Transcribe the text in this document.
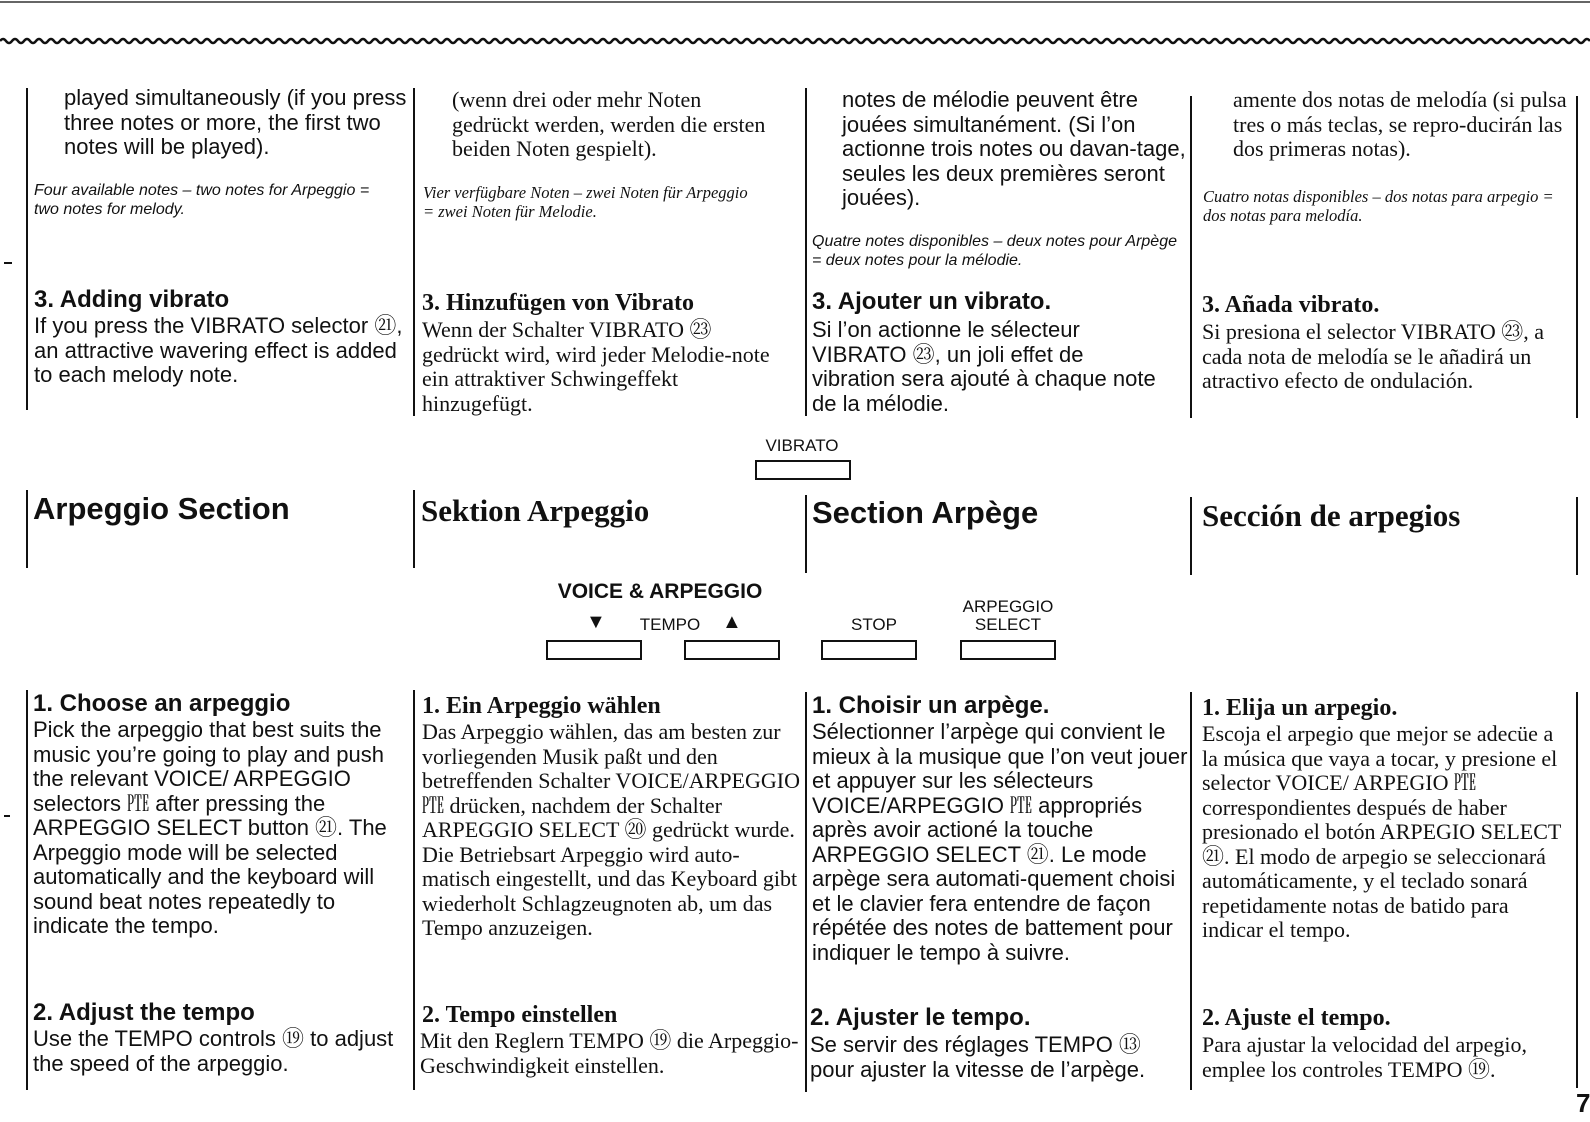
played simultaneously (if you press three notes or more, the first two notes will be played).

Four available notes – two notes for Arpeggio = two notes for melody.

3. Adding vibrato

If you press the VIBRATO selector ㉑, an attractive wavering effect is added to each melody note.

Arpeggio Section

1. Choose an arpeggio

Pick the arpeggio that best suits the music you’re going to play and push the relevant VOICE/ ARPEGGIO selectors ㉐ after pressing the ARPEGGIO SELECT button ㉑. The Arpeggio mode will be selected automatically and the keyboard will sound beat notes repeatedly to indicate the tempo.

2. Adjust the tempo

Use the TEMPO controls ⑲ to adjust the speed of the arpeggio.

(wenn drei oder mehr Noten gedrückt werden, werden die ersten beiden Noten gespielt).

Vier verfügbare Noten – zwei Noten für Arpeggio = zwei Noten für Melodie.

3. Hinzufügen von Vibrato

Wenn der Schalter VIBRATO ㉓ gedrückt wird, wird jeder Melodie-note ein attraktiver Schwingeffekt hinzugefügt.

Sektion Arpeggio

1. Ein Arpeggio wählen

Das Arpeggio wählen, das am besten zur vorliegenden Musik paßt und den betreffenden Schalter VOICE/ARPEGGIO ㉐ drücken, nachdem der Schalter ARPEGGIO SELECT ⑳ gedrückt wurde. Die Betriebsart Arpeggio wird auto-matisch eingestellt, und das Keyboard gibt wiederholt Schlagzeugnoten ab, um das Tempo anzuzeigen.

2. Tempo einstellen

Mit den Reglern TEMPO ⑲ die Arpeggio-Geschwindigkeit einstellen.

notes de mélodie peuvent être jouées simultanément. (Si l’on actionne trois notes ou davan-tage, seules les deux premières seront jouées).

Quatre notes disponibles – deux notes pour Arpège = deux notes pour la mélodie.

3. Ajouter un vibrato.

Si l’on actionne le sélecteur VIBRATO ㉓, un joli effet de vibration sera ajouté à chaque note de la mélodie.

Section Arpège

1. Choisir un arpège.

Sélectionner l’arpège qui convient le mieux à la musique que l’on veut jouer et appuyer sur les sélecteurs VOICE/ARPEGGIO ㉐ appropriés après avoir actioné la touche ARPEGGIO SELECT ㉑. Le mode arpège sera automati-quement choisi et le clavier fera entendre de façon répétée des notes de battement pour indiquer le tempo à suivre.

2. Ajuster le tempo.

Se servir des réglages TEMPO ⑬ pour ajuster la vitesse de l’arpège.

amente dos notas de melodía (si pulsa tres o más teclas, se repro-ducirán las dos primeras notas).

Cuatro notas disponibles – dos notas para arpegio = dos notas para melodía.

3. Añada vibrato.

Si presiona el selector VIBRATO ㉓, a cada nota de melodía se le añadirá un atractivo efecto de ondulación.

Sección de arpegios

1. Elija un arpegio.

Escoja el arpegio que mejor se adecüe a la música que vaya a tocar, y presione el selector VOICE/ ARPEGIO ㉐ correspondientes después de haber presionado el botón ARPEGIO SELECT ㉑. El modo de arpegio se seleccionará automáticamente, y el teclado sonará repetidamente notas de batido para indicar el tempo.

2. Ajuste el tempo.

Para ajustar la velocidad del arpegio, emplee los controles TEMPO ⑲.

7
VIBRATO
VOICE & ARPEGGIO
▼	TEMPO	▲	STOP
ARPEGGIO
SELECT
